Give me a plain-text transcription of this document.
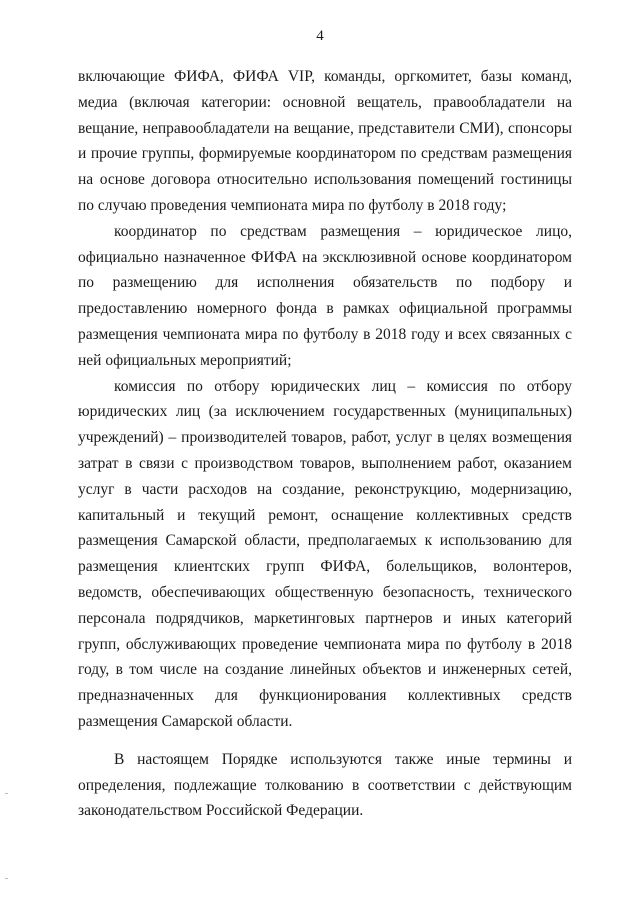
4

включающие ФИФА, ФИФА VIP, команды, оргкомитет, базы команд, медиа (включая категории: основной вещатель, правообладатели на вещание, неправообладатели на вещание, представители СМИ), спонсоры и прочие группы, формируемые координатором по средствам размещения на основе договора относительно использования помещений гостиницы по случаю проведения чемпионата мира по футболу в 2018 году;

координатор по средствам размещения – юридическое лицо, официально назначенное ФИФА на эксклюзивной основе координатором по размещению для исполнения обязательств по подбору и предоставлению номерного фонда в рамках официальной программы размещения чемпионата мира по футболу в 2018 году и всех связанных с ней официальных мероприятий;

комиссия по отбору юридических лиц – комиссия по отбору юридических лиц (за исключением государственных (муниципальных) учреждений) – производителей товаров, работ, услуг в целях возмещения затрат в связи с производством товаров, выполнением работ, оказанием услуг в части расходов на создание, реконструкцию, модернизацию, капитальный и текущий ремонт, оснащение коллективных средств размещения Самарской области, предполагаемых к использованию для размещения клиентских групп ФИФА, болельщиков, волонтеров, ведомств, обеспечивающих общественную безопасность, технического персонала подрядчиков, маркетинговых партнеров и иных категорий групп, обслуживающих проведение чемпионата мира по футболу в 2018 году, в том числе на создание линейных объектов и инженерных сетей, предназначенных для функционирования коллективных средств размещения Самарской области.

В настоящем Порядке используются также иные термины и определения, подлежащие толкованию в соответствии с действующим законодательством Российской Федерации.
